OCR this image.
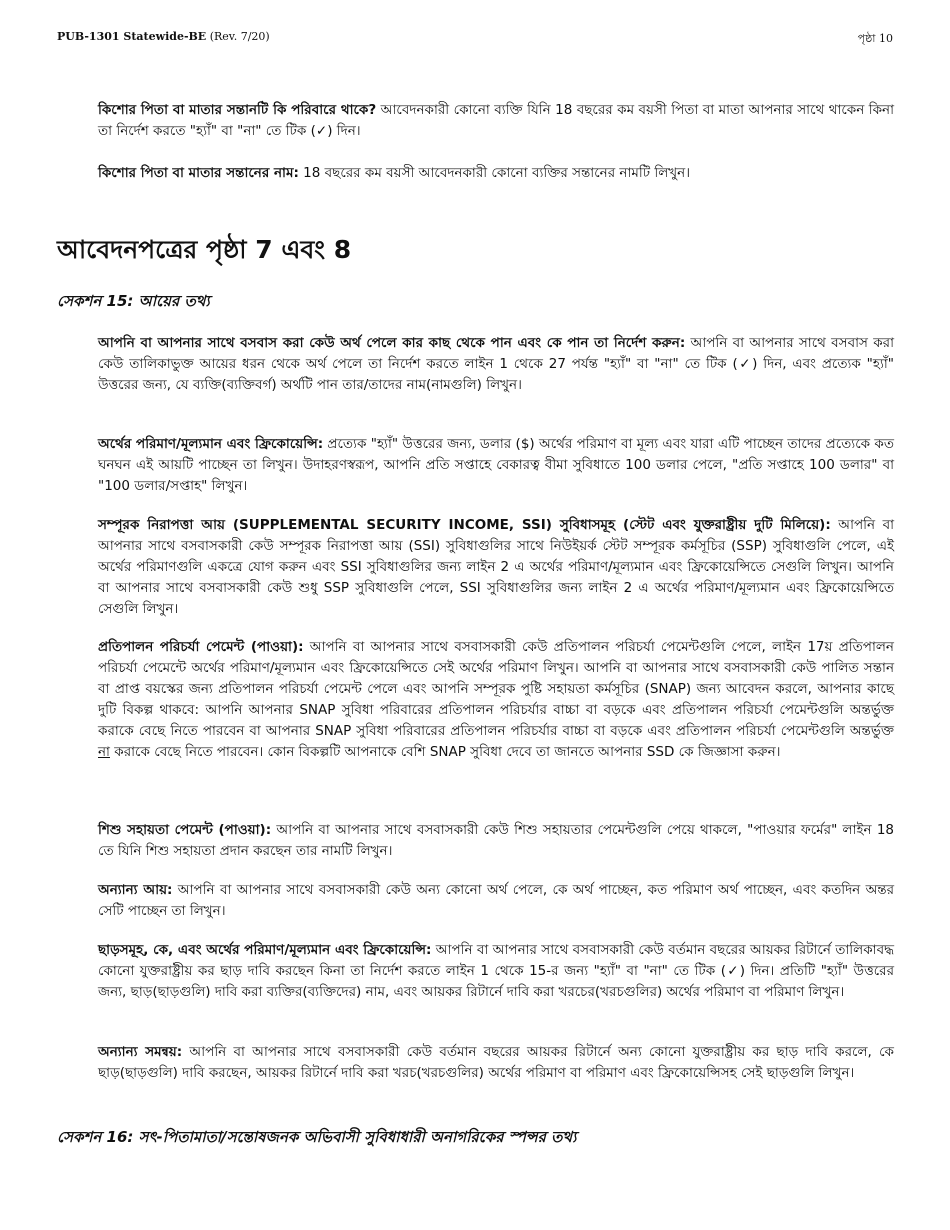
PUB-1301 Statewide-BE (Rev. 7/20)	পৃষ্ঠা 10

কিশোর পিতা বা মাতার সন্তানটি কি পরিবারে থাকে? আবেদনকারী কোনো ব্যক্তি যিনি 18 বছরের কম বয়সী পিতা বা মাতা আপনার সাথে থাকেন কিনা তা নির্দেশ করতে "হ্যাঁ" বা "না" তে টিক (✓) দিন।

কিশোর পিতা বা মাতার সন্তানের নাম: 18 বছরের কম বয়সী আবেদনকারী কোনো ব্যক্তির সন্তানের নামটি লিখুন।

আবেদনপত্রের পৃষ্ঠা 7 এবং 8
সেকশন 15: আয়ের তথ্য

আপনি বা আপনার সাথে বসবাস করা কেউ অর্থ পেলে কার কাছ থেকে পান এবং কে পান তা নির্দেশ করুন: আপনি বা আপনার সাথে বসবাস করা কেউ তালিকাভুক্ত আয়ের ধরন থেকে অর্থ পেলে তা নির্দেশ করতে লাইন 1 থেকে 27 পর্যন্ত "হ্যাঁ" বা "না" তে টিক (✓) দিন, এবং প্রত্যেক "হ্যাঁ" উত্তরের জন্য, যে ব্যক্তি(ব্যক্তিবর্গ) অর্থটি পান তার/তাদের নাম(নামগুলি) লিখুন।

অর্থের পরিমাণ/মূল্যমান এবং ফ্রিকোয়েন্সি: প্রত্যেক "হ্যাঁ" উত্তরের জন্য, ডলার ($) অর্থের পরিমাণ বা মূল্য এবং যারা এটি পাচ্ছেন তাদের প্রত্যেকে কত ঘনঘন এই আয়টি পাচ্ছেন তা লিখুন। উদাহরণস্বরূপ, আপনি প্রতি সপ্তাহে বেকারত্ব বীমা সুবিধাতে 100 ডলার পেলে, "প্রতি সপ্তাহে 100 ডলার" বা "100 ডলার/সপ্তাহ" লিখুন।

সম্পূরক নিরাপত্তা আয় (SUPPLEMENTAL SECURITY INCOME, SSI) সুবিধাসমূহ (স্টেট এবং যুক্তরাষ্ট্রীয় দুটি মিলিয়ে): আপনি বা আপনার সাথে বসবাসকারী কেউ সম্পূরক নিরাপত্তা আয় (SSI) সুবিধাগুলির সাথে নিউইয়র্ক স্টেট সম্পূরক কর্মসূচির (SSP) সুবিধাগুলি পেলে, এই অর্থের পরিমাণগুলি একত্রে যোগ করুন এবং SSI সুবিধাগুলির জন্য লাইন 2 এ অর্থের পরিমাণ/মূল্যমান এবং ফ্রিকোয়েন্সিতে সেগুলি লিখুন। আপনি বা আপনার সাথে বসবাসকারী কেউ শুধু SSP সুবিধাগুলি পেলে, SSI সুবিধাগুলির জন্য লাইন 2 এ অর্থের পরিমাণ/মূল্যমান এবং ফ্রিকোয়েন্সিতে সেগুলি লিখুন।

প্রতিপালন পরিচর্যা পেমেন্ট (পাওয়া): আপনি বা আপনার সাথে বসবাসকারী কেউ প্রতিপালন পরিচর্যা পেমেন্টগুলি পেলে, লাইন 17য় প্রতিপালন পরিচর্যা পেমেন্টে অর্থের পরিমাণ/মূল্যমান এবং ফ্রিকোয়েন্সিতে সেই অর্থের পরিমাণ লিখুন। আপনি বা আপনার সাথে বসবাসকারী কেউ পালিত সন্তান বা প্রাপ্ত বয়স্কের জন্য প্রতিপালন পরিচর্যা পেমেন্ট পেলে এবং আপনি সম্পূরক পুষ্টি সহায়তা কর্মসূচির (SNAP) জন্য আবেদন করলে, আপনার কাছে দুটি বিকল্প থাকবে: আপনি আপনার SNAP সুবিধা পরিবারের প্রতিপালন পরিচর্যার বাচ্চা বা বড়কে এবং প্রতিপালন পরিচর্যা পেমেন্টগুলি অন্তর্ভুক্ত করাকে বেছে নিতে পারবেন বা আপনার SNAP সুবিধা পরিবারের প্রতিপালন পরিচর্যার বাচ্চা বা বড়কে এবং প্রতিপালন পরিচর্যা পেমেন্টগুলি অন্তর্ভুক্ত না করাকে বেছে নিতে পারবেন। কোন বিকল্পটি আপনাকে বেশি SNAP সুবিধা দেবে তা জানতে আপনার SSD কে জিজ্ঞাসা করুন।

শিশু সহায়তা পেমেন্ট (পাওয়া): আপনি বা আপনার সাথে বসবাসকারী কেউ শিশু সহায়তার পেমেন্টগুলি পেয়ে থাকলে, "পাওয়ার ফর্মের" লাইন 18 তে যিনি শিশু সহায়তা প্রদান করছেন তার নামটি লিখুন।

অন্যান্য আয়: আপনি বা আপনার সাথে বসবাসকারী কেউ অন্য কোনো অর্থ পেলে, কে অর্থ পাচ্ছেন, কত পরিমাণ অর্থ পাচ্ছেন, এবং কতদিন অন্তর সেটি পাচ্ছেন তা লিখুন।

ছাড়সমূহ, কে, এবং অর্থের পরিমাণ/মূল্যমান এবং ফ্রিকোয়েন্সি: আপনি বা আপনার সাথে বসবাসকারী কেউ বর্তমান বছরের আয়কর রিটার্নে তালিকাবদ্ধ কোনো যুক্তরাষ্ট্রীয় কর ছাড় দাবি করছেন কিনা তা নির্দেশ করতে লাইন 1 থেকে 15-র জন্য "হ্যাঁ" বা "না" তে টিক (✓) দিন। প্রতিটি "হ্যাঁ" উত্তরের জন্য, ছাড়(ছাড়গুলি) দাবি করা ব্যক্তির(ব্যক্তিদের) নাম, এবং আয়কর রিটার্নে দাবি করা খরচের(খরচগুলির) অর্থের পরিমাণ বা পরিমাণ লিখুন।

অন্যান্য সমন্বয়: আপনি বা আপনার সাথে বসবাসকারী কেউ বর্তমান বছরের আয়কর রিটার্নে অন্য কোনো যুক্তরাষ্ট্রীয় কর ছাড় দাবি করলে, কে ছাড়(ছাড়গুলি) দাবি করছেন, আয়কর রিটার্নে দাবি করা খরচ(খরচগুলির) অর্থের পরিমাণ বা পরিমাণ এবং ফ্রিকোয়েন্সিসহ সেই ছাড়গুলি লিখুন।

সেকশন 16: সৎ-পিতামাতা/সন্তোষজনক অভিবাসী সুবিধাধারী অনাগরিকের স্পন্সর তথ্য
